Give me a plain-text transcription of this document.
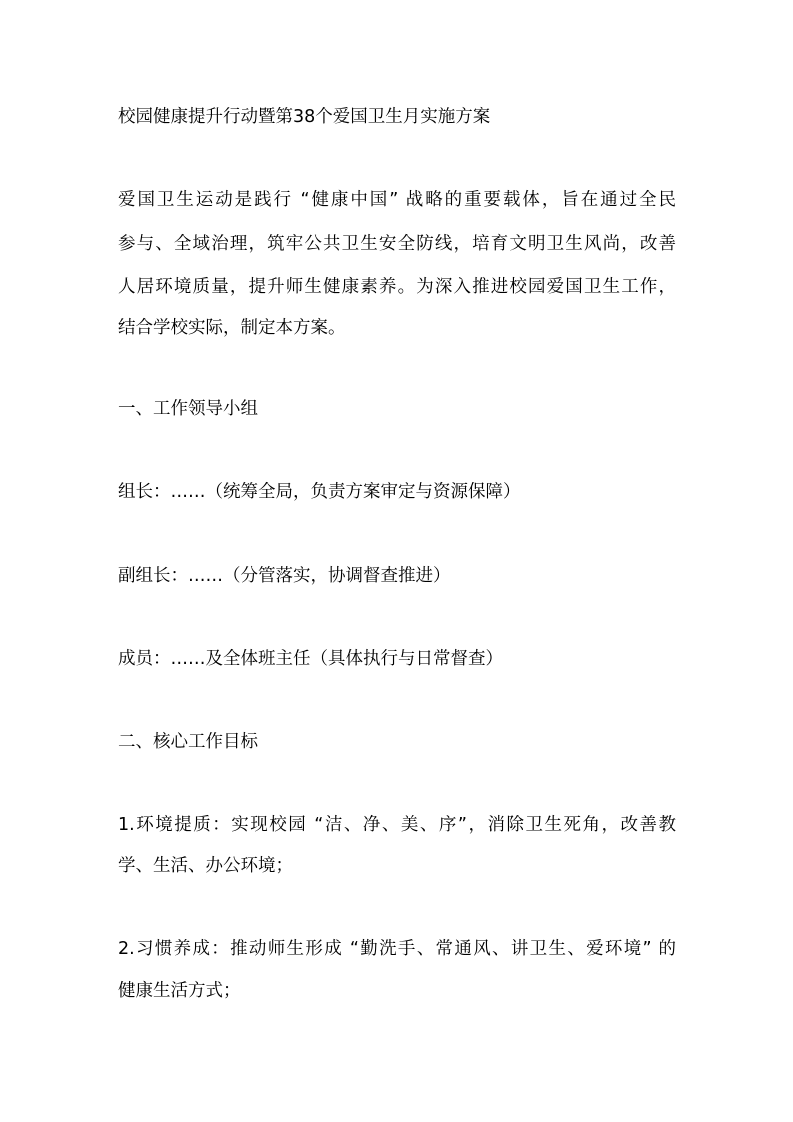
校园健康提升行动暨第38个爱国卫生月实施方案
爱国卫生运动是践行 “健康中国” 战略的重要载体，旨在通过全民
参与、全域治理，筑牢公共卫生安全防线，培育文明卫生风尚，改善
人居环境质量，提升师生健康素养。为深入推进校园爱国卫生工作，
结合学校实际，制定本方案。
一、工作领导小组
组长：……（统筹全局，负责方案审定与资源保障）
副组长：……（分管落实，协调督查推进）
成员：……及全体班主任（具体执行与日常督查）
二、核心工作目标
1.环境提质：实现校园 “洁、净、美、序”，消除卫生死角，改善教
学、生活、办公环境；
2.习惯养成：推动师生形成 “勤洗手、常通风、讲卫生、爱环境” 的
健康生活方式；
